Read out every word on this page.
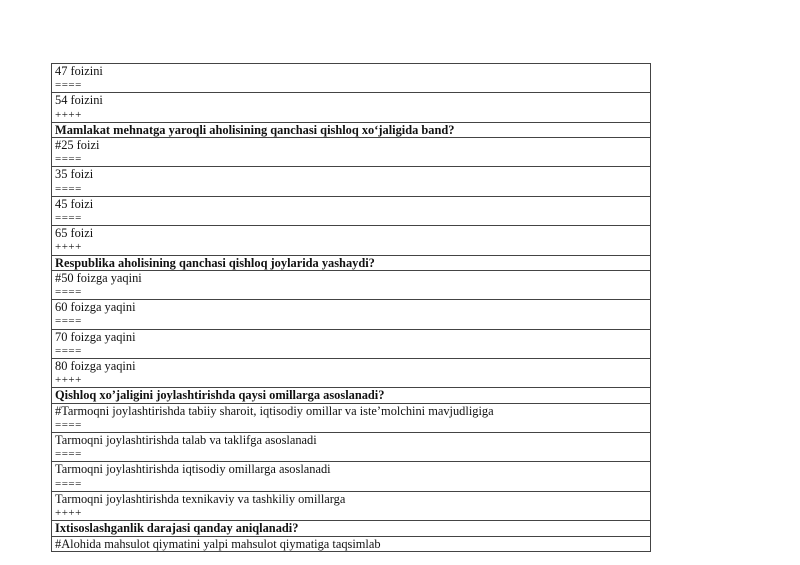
47 foizini
====

54 foizini
++++

Mamlakat mehnatga yaroqli aholisining qanchasi qishloq xo‘jaligida band?

#25 foizi
====

35 foizi
====

45 foizi
====

65 foizi
++++

Respublika aholisining qanchasi qishloq joylarida yashaydi?

#50 foizga yaqini
====

60 foizga yaqini
====

70 foizga yaqini
====

80 foizga yaqini
++++

Qishloq xo’jaligini joylashtirishda qaysi omillarga asoslanadi?

#Tarmoqni joylashtirishda tabiiy sharoit, iqtisodiy omillar va iste’molchini mavjudligiga
====

Tarmoqni joylashtirishda talab va taklifga asoslanadi
====

Tarmoqni joylashtirishda iqtisodiy omillarga asoslanadi
====

Tarmoqni joylashtirishda texnikaviy va tashkiliy omillarga
++++

Ixtisoslashganlik darajasi qanday aniqlanadi?

#Alohida mahsulot qiymatini yalpi mahsulot qiymatiga taqsimlab
